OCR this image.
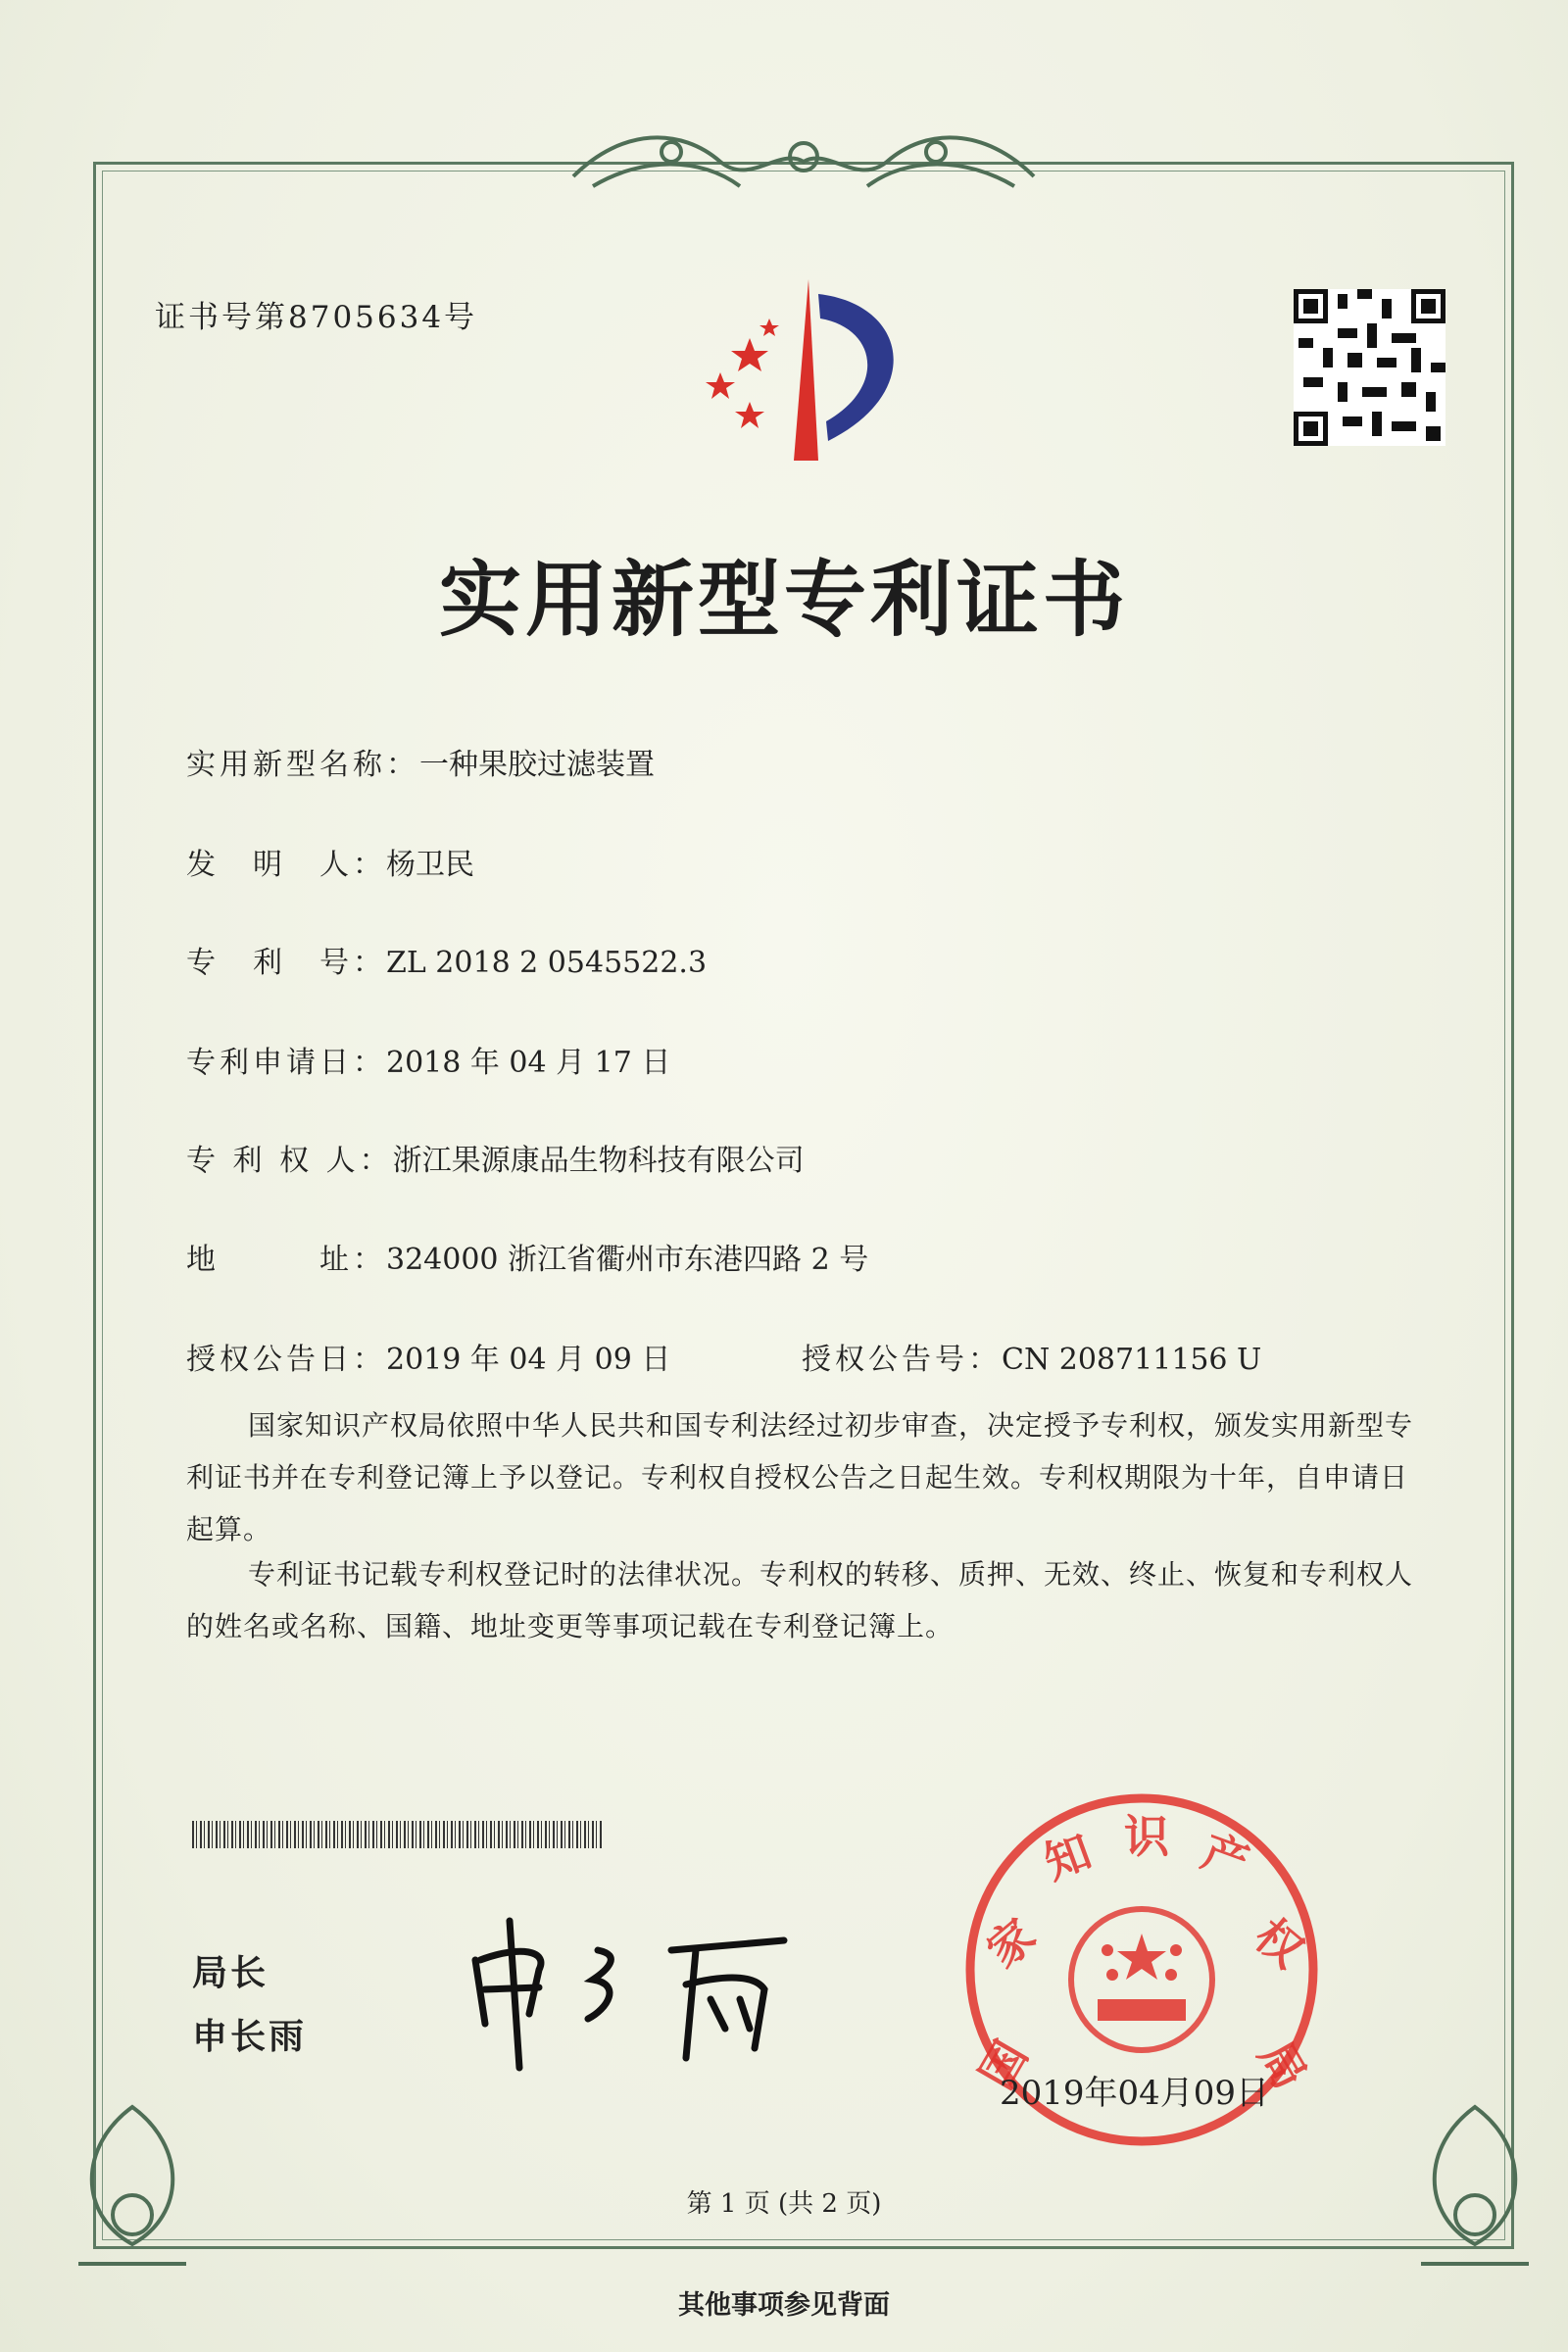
证书号第8705634号
实用新型专利证书
实用新型名称：一种果胶过滤装置
发　明　人：杨卫民
专　利　号：ZL 2018 2 0545522.3
专利申请日：2018 年 04 月 17 日
专 利 权 人：浙江果源康品生物科技有限公司
地　　　址：324000 浙江省衢州市东港四路 2 号
授权公告日：2019 年 04 月 09 日	授权公告号：CN 208711156 U
国家知识产权局依照中华人民共和国专利法经过初步审查，决定授予专利权，颁发实用新型专利证书并在专利登记簿上予以登记。专利权自授权公告之日起生效。专利权期限为十年，自申请日起算。
专利证书记载专利权登记时的法律状况。专利权的转移、质押、无效、终止、恢复和专利权人的姓名或名称、国籍、地址变更等事项记载在专利登记簿上。
局长
申长雨	国
家
知 识 产
权
局
2019年04月09日
第 1 页 (共 2 页)
其他事项参见背面
